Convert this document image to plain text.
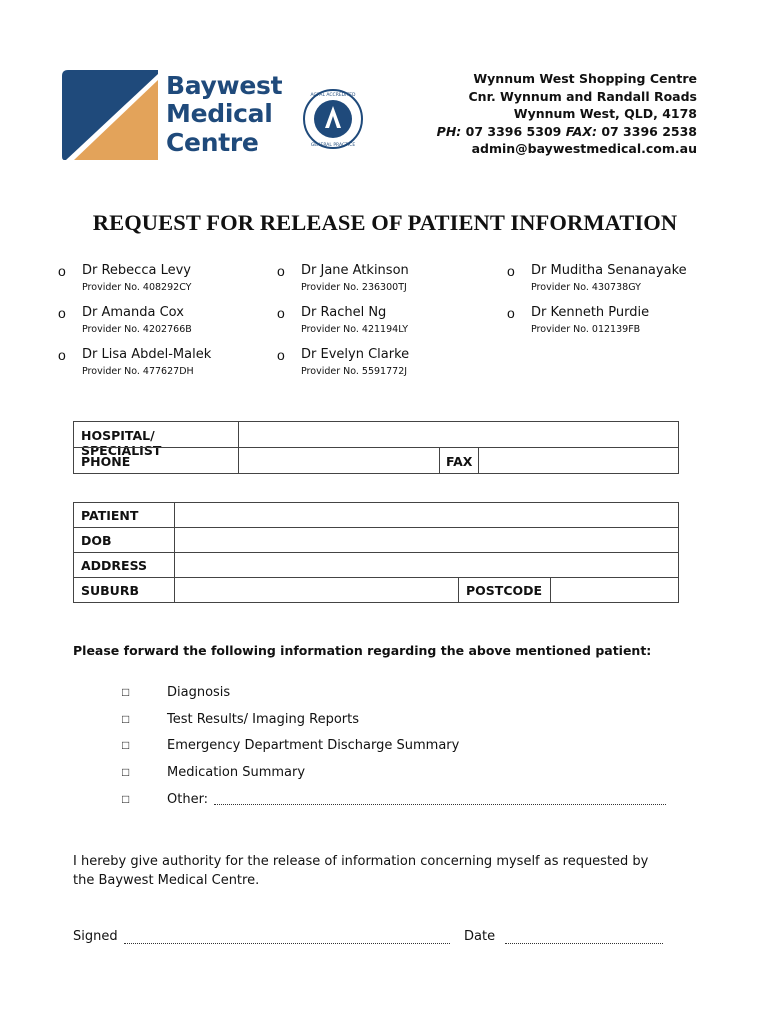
Baywest
Medical
Centre
AGPAL ACCREDITED
GENERAL PRACTICE
Wynnum West Shopping Centre
Cnr. Wynnum and Randall Roads
Wynnum West, QLD, 4178
PH: 07 3396 5309 FAX: 07 3396 2538
admin@baywestmedical.com.au
REQUEST FOR RELEASE OF PATIENT INFORMATION
o Dr Rebecca Levy
Provider No. 408292CY
o Dr Jane Atkinson
Provider No. 236300TJ
o Dr Muditha Senanayake
Provider No. 430738GY
o Dr Amanda Cox
Provider No. 4202766B
o Dr Rachel Ng
Provider No. 421194LY
o Dr Kenneth Purdie
Provider No. 012139FB
o Dr Lisa Abdel-Malek
Provider No. 477627DH
o Dr Evelyn Clarke
Provider No. 5591772J
HOSPITAL/ SPECIALIST
PHONE	FAX
PATIENT
DOB
ADDRESS
SUBURB	POSTCODE
Please forward the following information regarding the above mentioned patient:
□	Diagnosis
□	Test Results/ Imaging Reports
□	Emergency Department Discharge Summary
□	Medication Summary
□	Other:
I hereby give authority for the release of information concerning myself as requested by the Baywest Medical Centre.
Signed	Date
